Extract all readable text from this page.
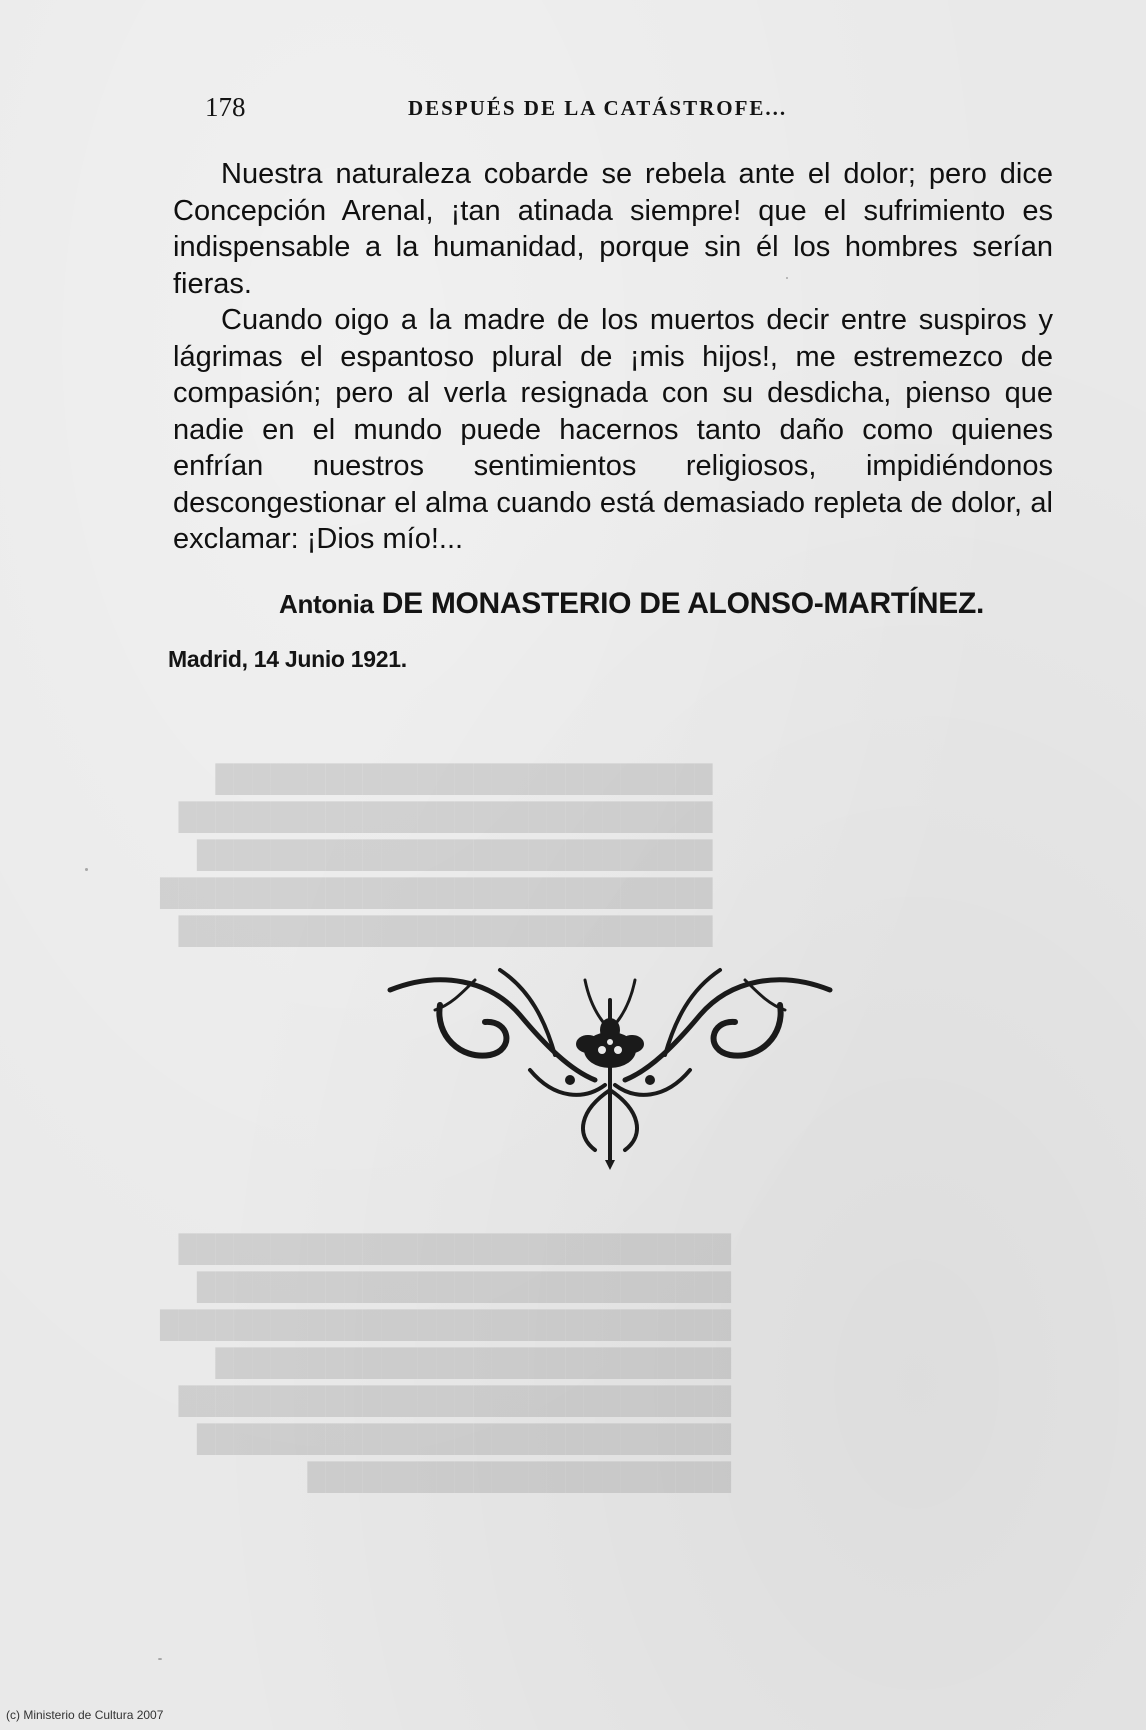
███████████████████████████
█████████████████████████████
████████████████████████████
██████████████████████████████
█████████████████████████████
██████████████████████████████
█████████████████████████████
███████████████████████████████
████████████████████████████
██████████████████████████████
█████████████████████████████
███████████████████████
178	DESPUÉS DE LA CATÁSTROFE...

Nuestra naturaleza cobarde se rebela ante el dolor; pero dice Concepción Arenal, ¡tan atinada siempre! que el sufrimiento es indispensable a la humanidad, porque sin él los hombres serían fieras.

Cuando oigo a la madre de los muertos decir entre suspiros y lágrimas el espantoso plural de ¡mis hijos!, me estremezco de compasión; pero al verla resignada con su desdicha, pienso que nadie en el mundo puede hacernos tanto daño como quienes enfrían nuestros sentimientos religiosos, impidiéndonos descongestionar el alma cuando está demasiado repleta de dolor, al exclamar: ¡Dios mío!...

Antonia DE MONASTERIO DE ALONSO-MARTÍNEZ.
Madrid, 14 Junio 1921.
(c) Ministerio de Cultura 2007
